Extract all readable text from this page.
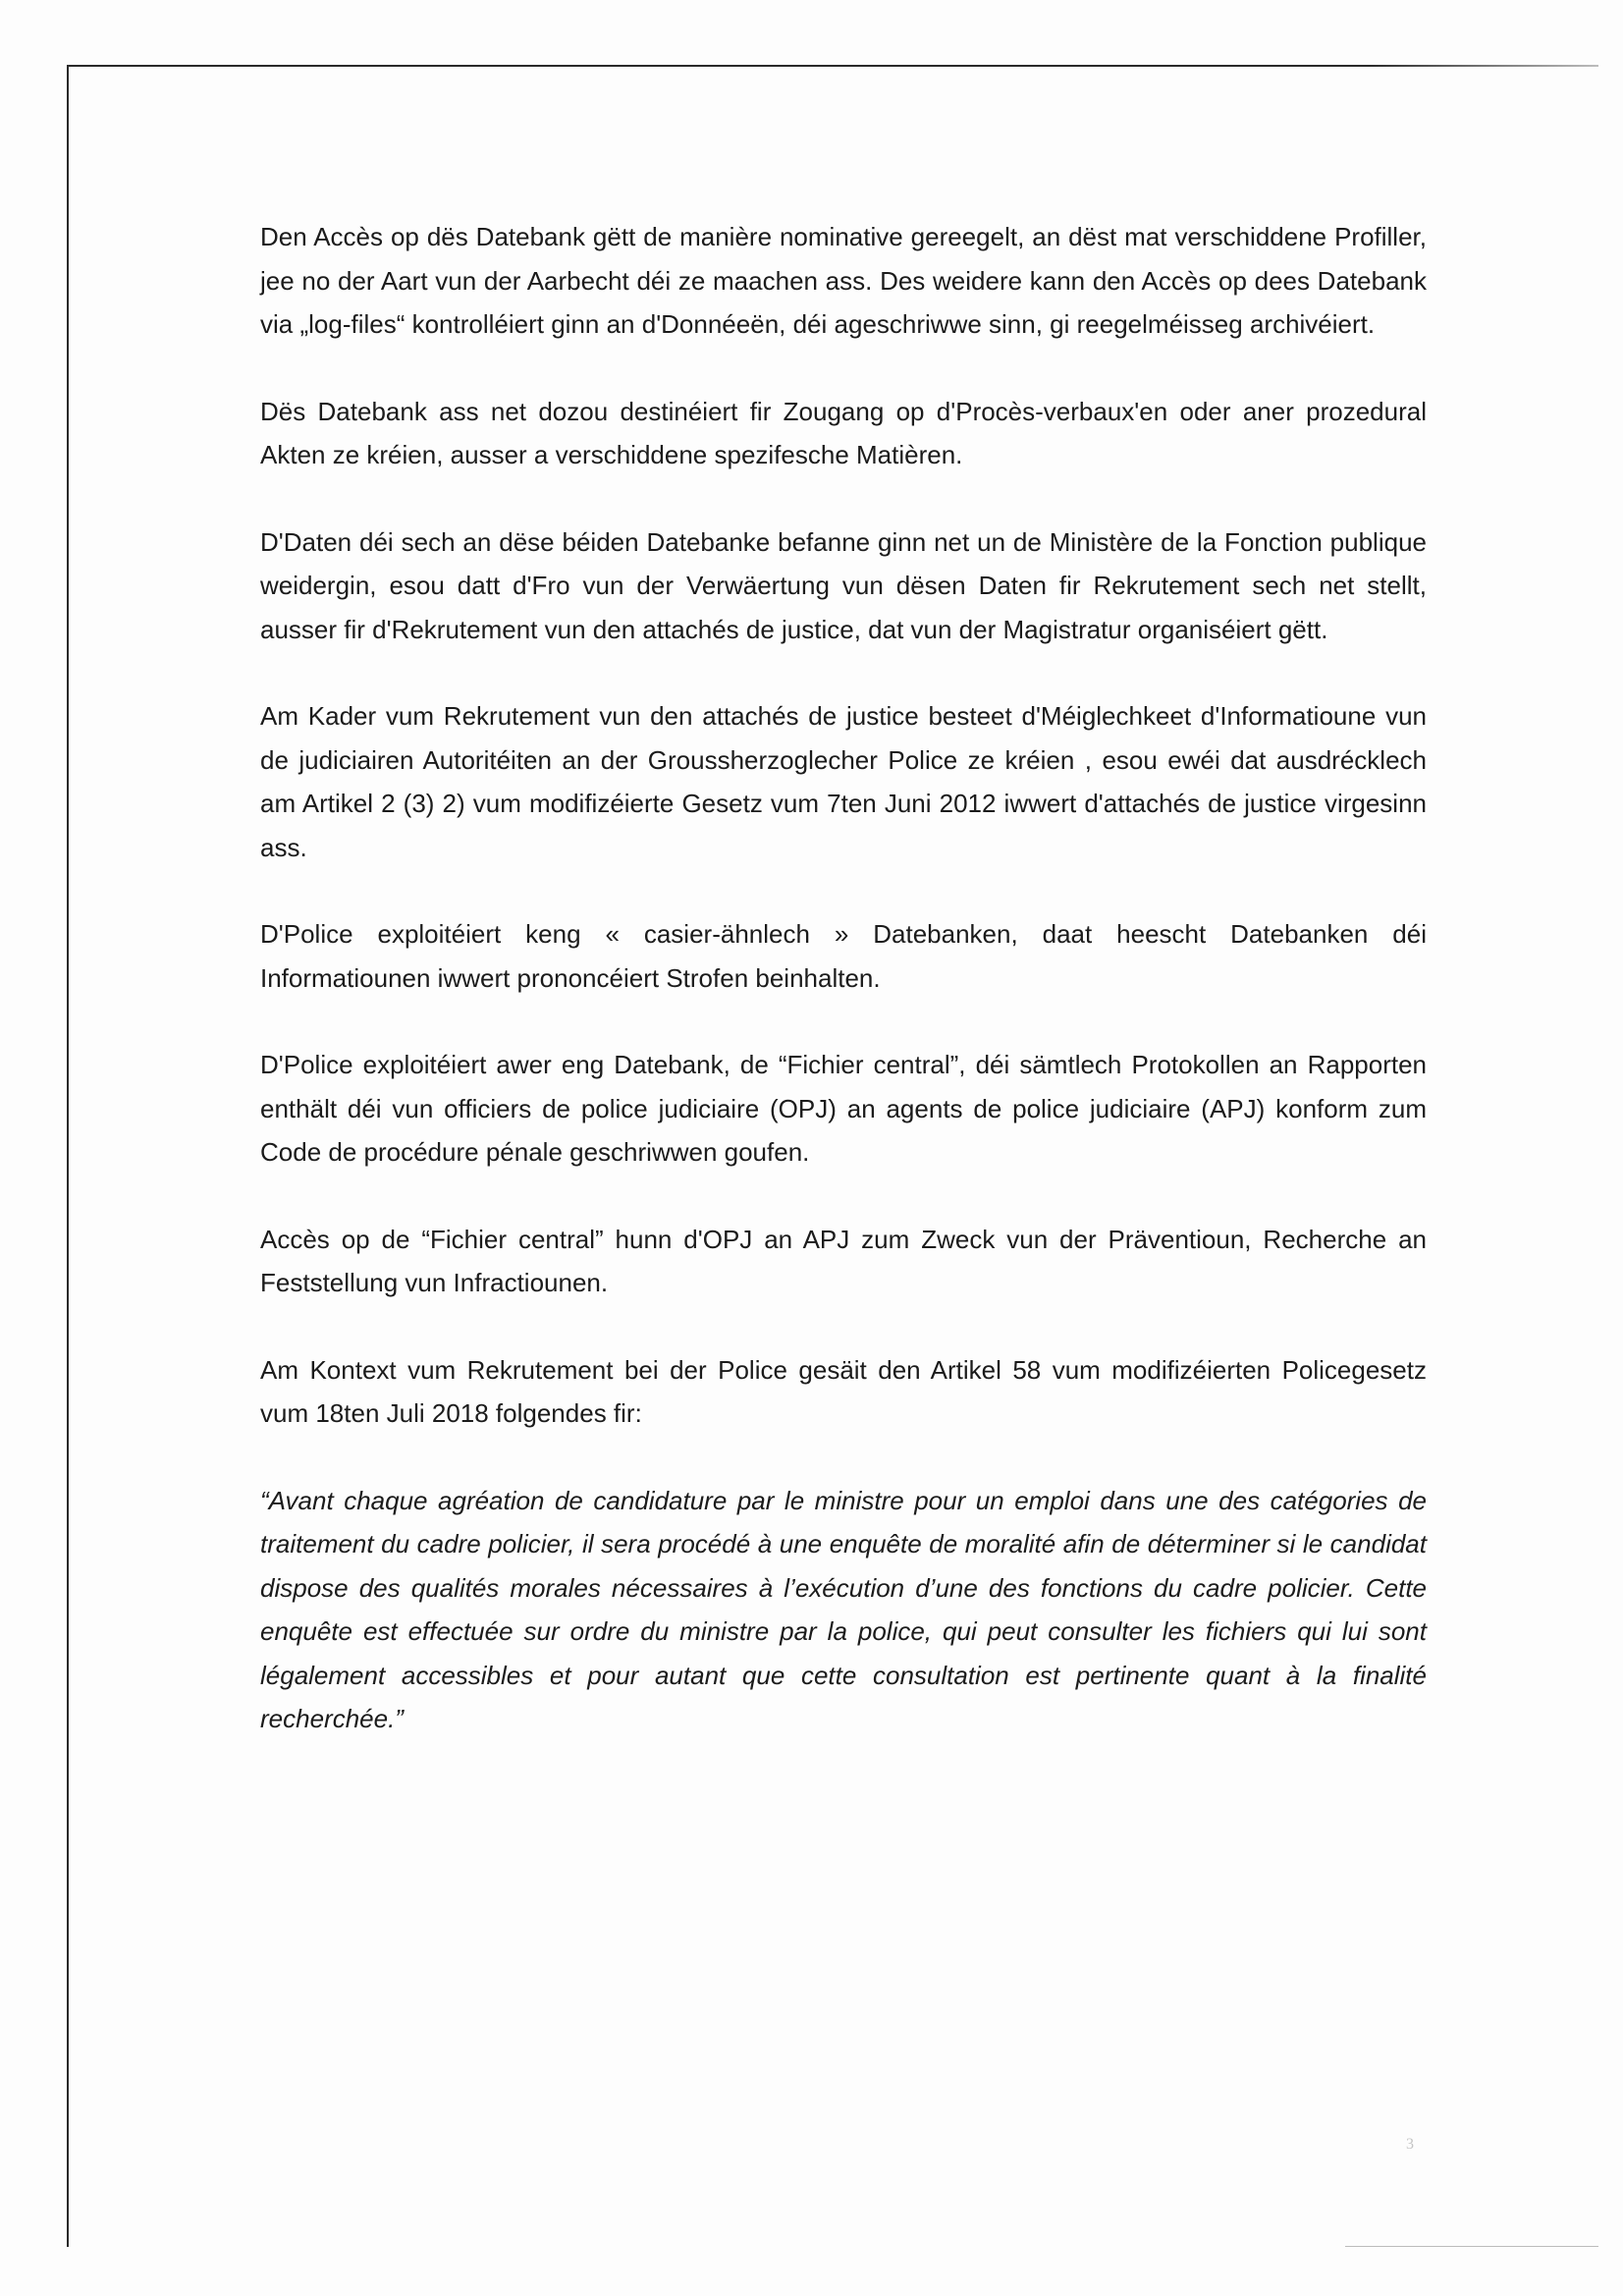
Den Accès op dës Datebank gëtt de manière nominative gereegelt, an dëst mat verschiddene Profiller, jee no der Aart vun der Aarbecht déi ze maachen ass. Des weidere kann den Accès op dees Datebank via „log-files“ kontrolléiert ginn an d'Donnéeën, déi ageschriwwe sinn, gi reegelméisseg archivéiert.

Dës Datebank ass net dozou destinéiert fir Zougang op d'Procès-verbaux'en oder aner prozedural Akten ze kréien, ausser a verschiddene spezifesche Matièren.

D'Daten déi sech an dëse béiden Datebanke befanne ginn net un de Ministère de la Fonction publique weidergin, esou datt d'Fro vun der Verwäertung vun dësen Daten fir Rekrutement sech net stellt, ausser fir d'Rekrutement vun den attachés de justice, dat vun der Magistratur organiséiert gëtt.

Am Kader vum Rekrutement vun den attachés de justice besteet d'Méiglechkeet d'Informatioune vun de judiciairen Autoritéiten an der Groussherzoglecher Police ze kréien , esou ewéi dat ausdrécklech am Artikel 2 (3) 2) vum modifizéierte Gesetz vum 7ten Juni 2012 iwwert d'attachés de justice virgesinn ass.

D'Police exploitéiert keng « casier-ähnlech » Datebanken, daat heescht Datebanken déi Informatiounen iwwert prononcéiert Strofen beinhalten.

D'Police exploitéiert awer eng Datebank, de “Fichier central”, déi sämtlech Protokollen an Rapporten enthält déi vun officiers de police judiciaire (OPJ) an agents de police judiciaire (APJ) konform zum Code de procédure pénale geschriwwen goufen.

Accès op de “Fichier central” hunn d'OPJ an APJ zum Zweck vun der Präventioun, Recherche an Feststellung vun Infractiounen.

Am Kontext vum Rekrutement bei der Police gesäit den Artikel 58 vum modifizéierten Policegesetz vum 18ten Juli 2018 folgendes fir:

“Avant chaque agréation de candidature par le ministre pour un emploi dans une des catégories de traitement du cadre policier, il sera procédé à une enquête de moralité afin de déterminer si le candidat dispose des qualités morales nécessaires à l’exécution d’une des fonctions du cadre policier. Cette enquête est effectuée sur ordre du ministre par la police, qui peut consulter les fichiers qui lui sont légalement accessibles et pour autant que cette consultation est pertinente quant à la finalité recherchée.”

3
